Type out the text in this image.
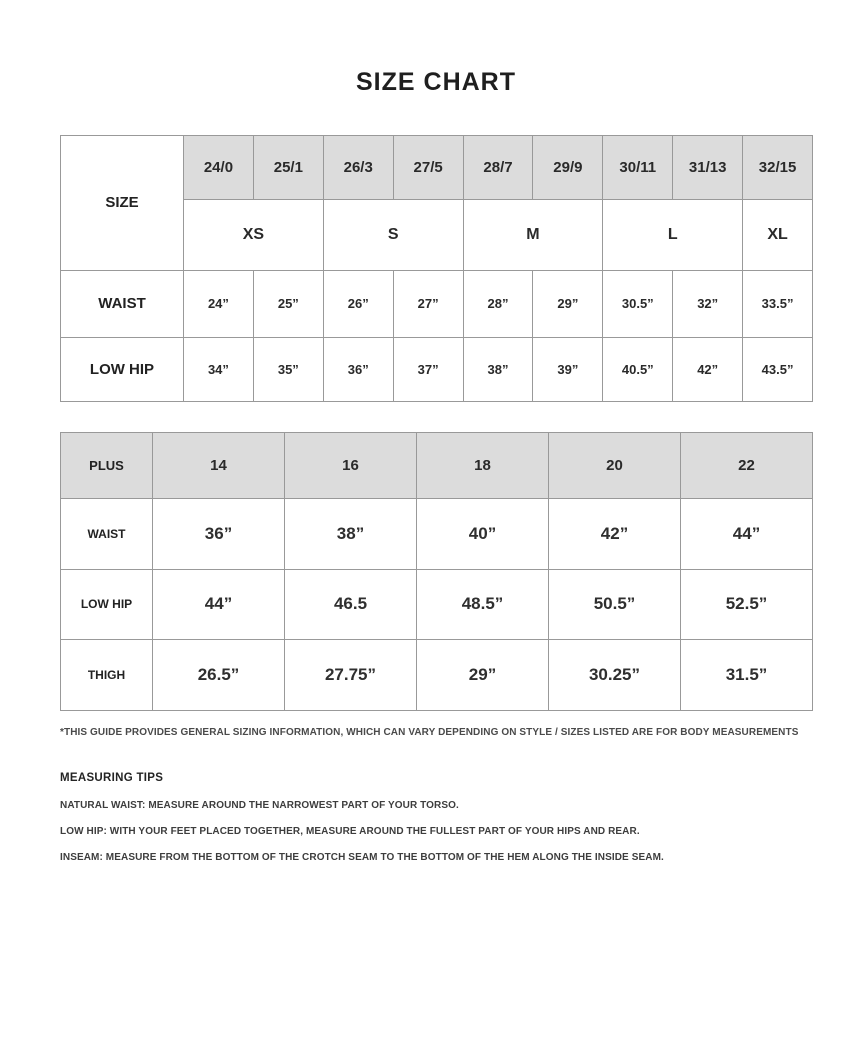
SIZE CHART
SIZE	24/0	25/1	26/3	27/5	28/7	29/9	30/11	31/13	32/15
	XS		S		M		L		XL
WAIST	24”	25”	26”	27”	28”	29”	30.5”	32”	33.5”
LOW HIP	34”	35”	36”	37”	38”	39”	40.5”	42”	43.5”
PLUS	14	16	18	20	22
WAIST	36”	38”	40”	42”	44”
LOW HIP	44”	46.5	48.5”	50.5”	52.5”
THIGH	26.5”	27.75”	29”	30.25”	31.5”

*THIS GUIDE PROVIDES GENERAL SIZING INFORMATION, WHICH CAN VARY DEPENDING ON STYLE / SIZES LISTED ARE FOR BODY MEASUREMENTS

MEASURING TIPS

NATURAL WAIST: MEASURE AROUND THE NARROWEST PART OF YOUR TORSO.

LOW HIP: WITH YOUR FEET PLACED TOGETHER, MEASURE AROUND THE FULLEST PART OF YOUR HIPS AND REAR.

INSEAM: MEASURE FROM THE BOTTOM OF THE CROTCH SEAM TO THE BOTTOM OF THE HEM ALONG THE INSIDE SEAM.
